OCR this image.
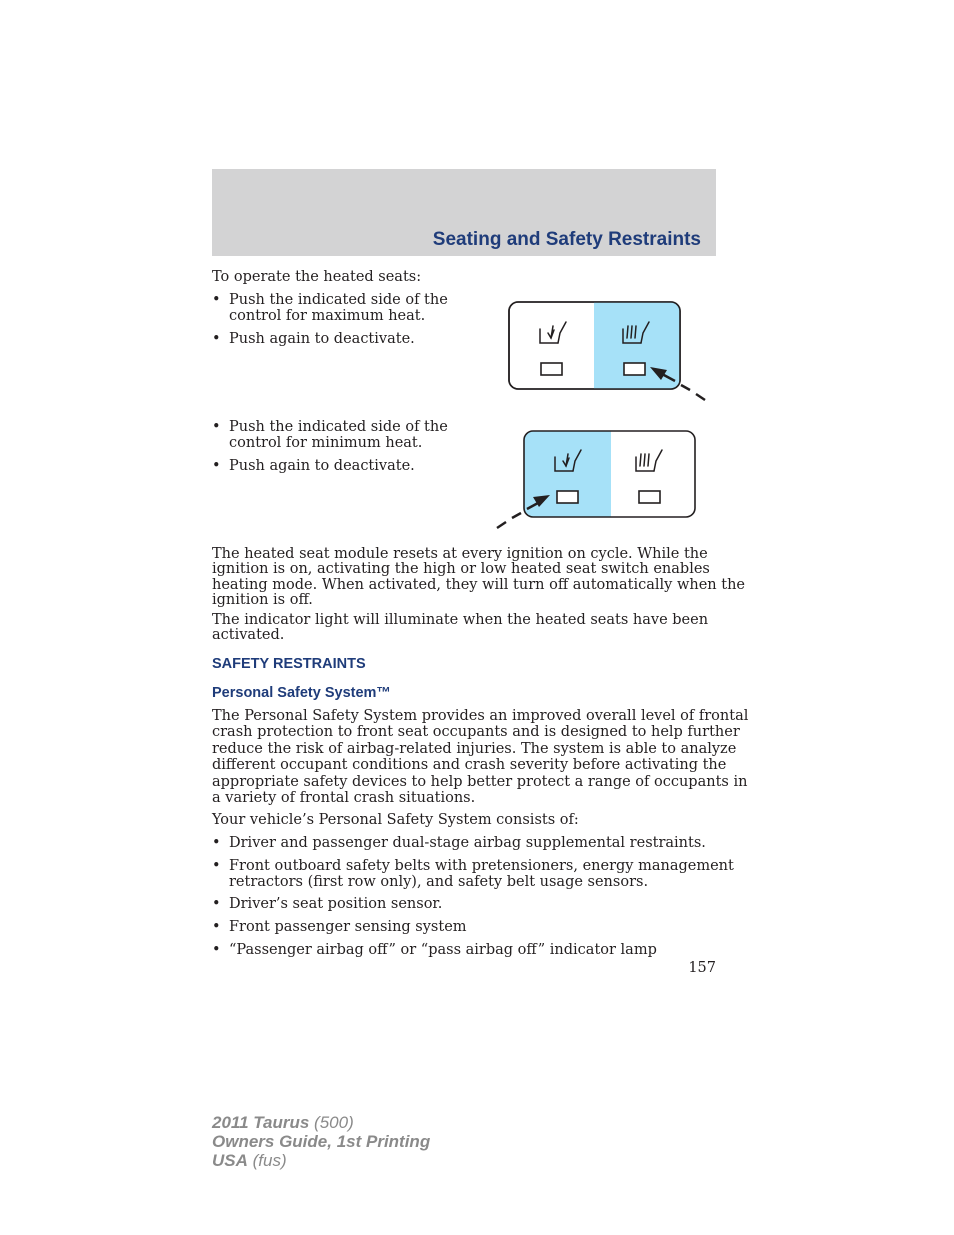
Seating and Safety Restraints

To operate the heated seats:

• Push the indicated side of the
control for maximum heat.
• Push again to deactivate.
• Push the indicated side of the
control for minimum heat.
• Push again to deactivate.

The heated seat module resets at every ignition on cycle. While the
ignition is on, activating the high or low heated seat switch enables
heating mode. When activated, they will turn off automatically when the
ignition is off.

The indicator light will illuminate when the heated seats have been
activated.

SAFETY RESTRAINTS
Personal Safety System™

The Personal Safety System provides an improved overall level of frontal
crash protection to front seat occupants and is designed to help further
reduce the risk of airbag-related injuries. The system is able to analyze
different occupant conditions and crash severity before activating the
appropriate safety devices to help better protect a range of occupants in
a variety of frontal crash situations.

Your vehicle’s Personal Safety System consists of:

• Driver and passenger dual-stage airbag supplemental restraints.
• Front outboard safety belts with pretensioners, energy management
retractors (first row only), and safety belt usage sensors.
• Driver’s seat position sensor.
• Front passenger sensing system
• “Passenger airbag off” or “pass airbag off” indicator lamp
157
2011 Taurus (500)
Owners Guide, 1st Printing
USA (fus)
